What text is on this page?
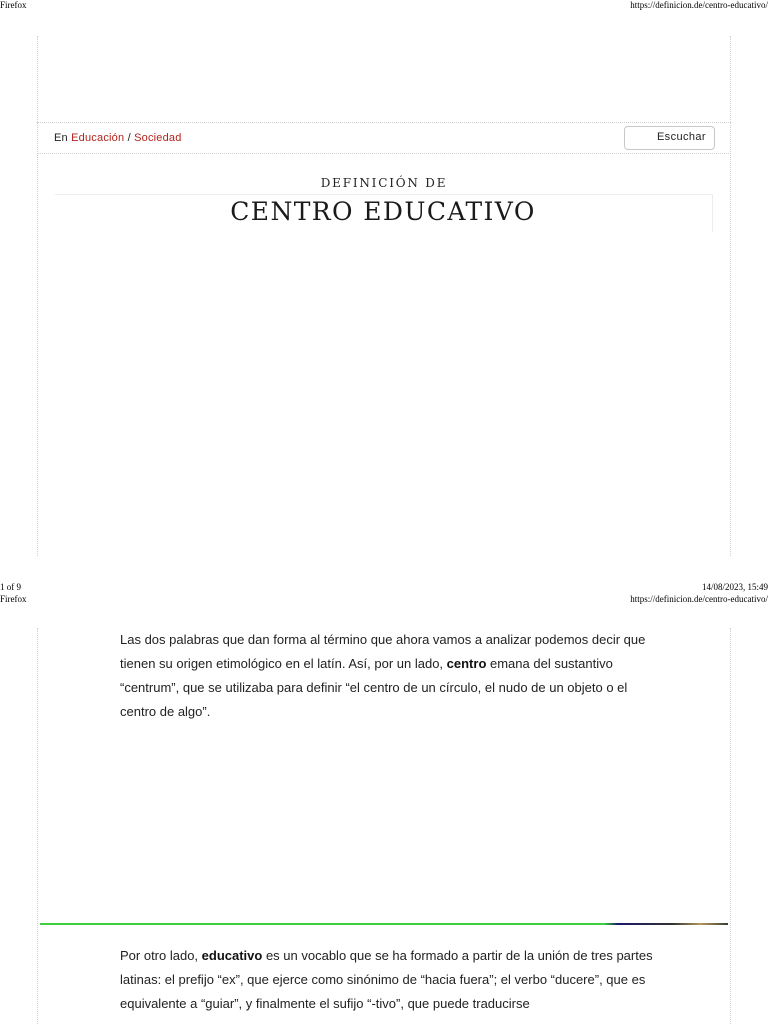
Firefox	https://definicion.de/centro-educativo/
En Educación / Sociedad	Escuchar
DEFINICIÓN DE
CENTRO EDUCATIVO
1 of 9	14/08/2023, 15:49
Firefox	https://definicion.de/centro-educativo/

Las dos palabras que dan forma al término que ahora vamos a analizar podemos decir que tienen su origen etimológico en el latín. Así, por un lado, centro emana del sustantivo “centrum”, que se utilizaba para definir “el centro de un círculo, el nudo de un objeto o el centro de algo”.

Por otro lado, educativo es un vocablo que se ha formado a partir de la unión de tres partes latinas: el prefijo “ex”, que ejerce como sinónimo de “hacia fuera”; el verbo “ducere”, que es equivalente a “guiar”, y finalmente el sufijo “-tivo”, que puede traducirse
